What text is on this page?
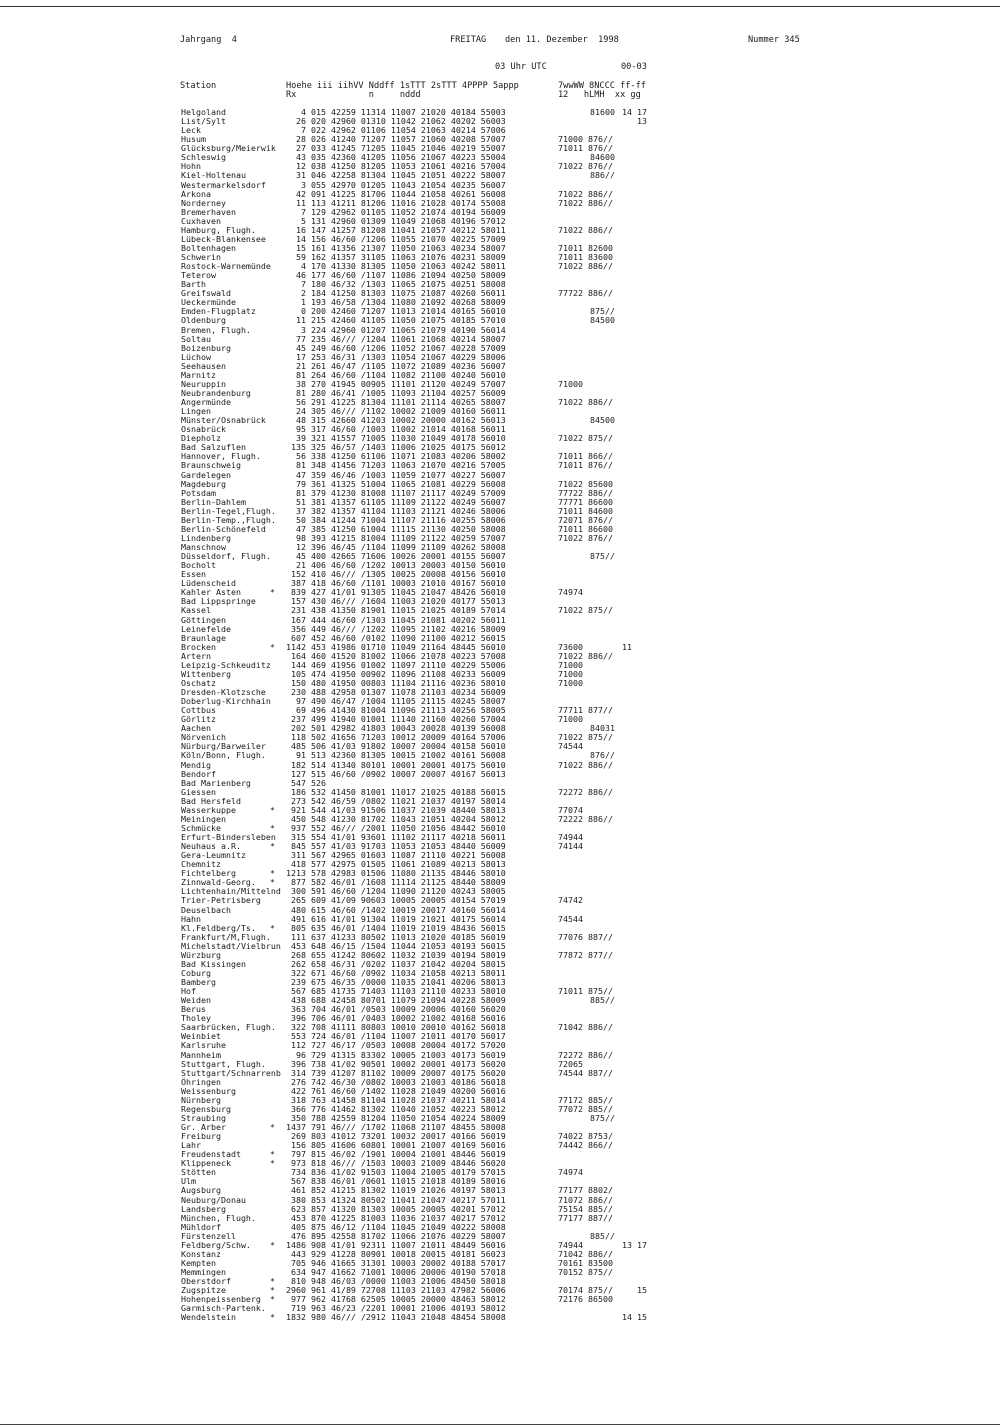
Jahrgang  4	FREITAG den 11. Dezember  1998	Nummer 345
03 Uhr UTC	00-03
Station	Hoehe iii iihVV Nddff 1sTTT 2sTTT 4PPPP 5appp
Rx              n     nddd
7wwWW 8NCCC ff-ff
12   hLMH  xx gg
Helgoland	4 015 42259 11314 11007 21020 40184 55003	81600 14 17
List/Sylt	26 020 42960 01310 11042 21062 40202 56003	13
Leck	7 022 42962 01106 11054 21063 40214 57006
Husum	28 026 41240 71207 11057 21060 40208 57007	71000 876//
Glücksburg/Meierwik 27 033 41245 71205 11045 21046 40219 55007	71011 876//
Schleswig	43 035 42360 41205 11056 21067 40223 55004	84600
Hohn	12 038 41250 81205 11053 21061 40216 57004	71022 876//
Kiel-Holtenau	31 046 42258 81304 11045 21051 40222 58007	886//
Westermarkelsdorf 3 055 42970 01205 11043 21054 40235 56007
Arkona	42 091 41225 81706 11044 21058 40261 56008	71022 886//
Norderney	11 113 41211 81206 11016 21028 40174 55008	71022 886//
Bremerhaven	7 129 42962 01105 11052 21074 40194 56009
Cuxhaven	5 131 42960 01309 11049 21068 40196 57012
Hamburg, Flugh.	16 147 41257 81208 11041 21057 40212 58011	71022 886//
Lübeck-Blankensee 14 156 46/60 /1206 11055 21070 40225 57009
Boltenhagen	15 161 41356 21307 11050 21063 40234 58007	71011 82600
Schwerin	59 162 41357 31105 11063 21076 40231 58009	71011 83600
Rostock-Warnemünde 4 170 41330 81305 11050 21063 40242 58011	71022 886//
Teterow	46 177 46/60 /1107 11086 21094 40250 58009
Barth	7 180 46/32 /1303 11065 21075 40251 58008
Greifswald	2 184 41250 81303 11075 21087 40260 56011	77722 886//
Ueckermünde	1 193 46/58 /1304 11080 21092 40268 58009
Emden-Flugplatz	0 200 42460 71207 11013 21014 40165 56010	875//
Oldenburg	11 215 42460 41105 11050 21075 40185 57010	84500
Bremen, Flugh.	3 224 42960 01207 11065 21079 40190 56014
Soltau	77 235 46/// /1204 11061 21068 40214 58007
Boizenburg	45 249 46/60 /1206 11052 21067 40228 57009
Lüchow	17 253 46/31 /1303 11054 21067 40229 58006
Seehausen	21 261 46/47 /1105 11072 21089 40236 56007
Marnitz	81 264 46/60 /1104 11082 21100 40240 56010
Neuruppin	38 270 41945 00905 11101 21120 40249 57007	71000
Neubrandenburg	81 280 46/41 /1005 11093 21104 40257 56009
Angermünde	56 291 41225 81304 11101 21114 40265 58007	71022 886//
Lingen	24 305 46/// /1102 10002 21009 40160 56011
Münster/Osnabrück 48 315 42660 41203 10002 20000 40162 56013	84500
Osnabrück	95 317 46/60 /1003 11002 21014 40168 56011
Diepholz	39 321 41557 71005 11030 21049 40178 56010	71022 875//
Bad Salzuflen	135 325 46/57 /1403 11006 21025 40175 56012
Hannover, Flugh.	56 338 41250 61106 11071 21083 40206 58002	71011 866//
Braunschweig	81 348 41456 71203 11063 21070 40216 57005	71011 876//
Gardelegen	47 359 46/46 /1003 11059 21077 40227 56007
Magdeburg	79 361 41325 51004 11065 21081 40229 56008	71022 85600
Potsdam	81 379 41230 81008 11107 21117 40249 57009	77722 886//
Berlin-Dahlem	51 381 41357 61105 11109 21122 40249 56007	77771 86600
Berlin-Tegel,Flugh. 37 382 41357 41104 11103 21121 40246 58006	71011 84600
Berlin-Temp.,Flugh. 50 384 41244 71004 11107 21116 40255 58006	72071 876//
Berlin-Schönefeld 47 385 41250 61004 11115 21130 40250 58008	71011 86600
Lindenberg	98 393 41215 81004 11109 21122 40259 57007	71022 876//
Manschnow	12 396 46/45 /1104 11099 21109 40262 58008
Düsseldorf, Flugh. 45 400 42665 71606 10026 20001 40155 56007	875//
Bocholt	21 406 46/60 /1202 10013 20003 40150 56010
Essen	152 410 46/// /1305 10025 20008 40156 56010
Lüdenscheid	387 418 46/60 /1101 10003 21010 40167 56010
Kahler Asten	* 839 427 41/01 91305 11045 21047 48426 56010	74974
Bad Lippspringe	157 430 46/// /1604 11003 21020 40177 55013
Kassel	231 438 41350 81901 11015 21025 40189 57014	71022 875//
Göttingen	167 444 46/60 /1303 11045 21081 40202 56011
Leinefelde	356 449 46/// /1202 11095 21102 40216 58009
Braunlage	607 452 46/60 /0102 11090 21100 40212 56015
Brocken	* 1142 453 41986 01710 11049 21164 48445 56010	73600	11
Artern	164 460 41520 81002 11066 21078 40223 57008	71022 886//
Leipzig-Schkeuditz 144 469 41956 01002 11097 21110 40229 55006	71000
Wittenberg	105 474 41950 00902 11096 21108 40233 56009	71000
Oschatz	150 480 41950 00803 11104 21116 40236 58010	71000
Dresden-Klotzsche 230 488 42958 01307 11078 21103 40234 56009
Doberlug-Kirchhain 97 490 46/47 /1004 11105 21115 40245 58007
Cottbus	69 496 41430 81004 11096 21113 40256 58005	77711 877//
Görlitz	237 499 41940 01001 11140 21160 40260 57004	71000
Aachen	202 501 42982 41803 10043 20028 40139 56008	84031
Nörvenich	118 502 41656 71203 10012 20009 40164 57006	71022 875//
Nürburg/Barweiler 485 506 41/03 91802 10007 20004 40158 56010	74544
Köln/Bonn, Flugh. 91 513 42360 81305 10015 21002 40161 56008	876//
Mendig	182 514 41340 80101 10001 20001 40175 56010	71022 886//
Bendorf	127 515 46/60 /0902 10007 20007 40167 56013
Bad Marienberg	547 526
Giessen	186 532 41450 81001 11017 21025 40188 56015	72272 886//
Bad Hersfeld	273 542 46/59 /0802 11021 21037 40197 58014
Wasserkuppe	* 921 544 41/03 91506 11037 21039 48440 58013	77074
Meiningen	450 548 41230 81702 11043 21051 40204 58012	72222 886//
Schmücke	* 937 552 46/// /2001 11050 21056 48442 56010
Erfurt-Bindersleben 315 554 41/01 93601 11102 21117 40218 56011	74944
Neuhaus a.R.	* 845 557 41/03 91703 11053 21053 48440 56009	74144
Gera-Leumnitz	311 567 42965 01603 11087 21110 40221 56008
Chemnitz	418 577 42975 01505 11061 21089 40213 58013
Fichtelberg	* 1213 578 42983 01506 11080 21135 48446 58010
Zinnwald-Georg. * 877 582 46/01 /1608 11114 21125 48440 58009
Lichtenhain/Mittelnd 300 591 46/60 /1204 11090 21120 40243 58005
Trier-Petrisberg	265 609 41/09 90603 10005 20005 40154 57019	74742
Deuselbach	480 615 46/60 /1402 10019 20017 40160 56014
Hahn	491 616 41/01 91304 11019 21021 40175 56014	74544
Kl.Feldberg/Ts. * 805 635 46/01 /1404 11019 21019 48436 56015
Frankfurt/M,Flugh. 111 637 41233 80502 11013 21020 40185 56019	77076 887//
Michelstadt/Vielbrun 453 648 46/15 /1504 11044 21053 40193 56015
Würzburg	268 655 41242 80602 11032 21039 40194 58019	77872 877//
Bad Kissingen	262 658 46/31 /0202 11037 21042 40204 58015
Coburg	322 671 46/60 /0902 11034 21058 40213 58011
Bamberg	239 675 46/35 /0000 11035 21041 40206 58013
Hof	567 685 41735 71403 11103 21110 40233 58010	71011 875//
Weiden	438 688 42458 80701 11079 21094 40228 58009	885//
Berus	363 704 46/01 /0503 10009 20006 40160 56020
Tholey	396 706 46/01 /0403 10002 21002 40168 56016
Saarbrücken, Flugh. 322 708 41111 80803 10010 20010 40162 56018	71042 886//
Weinbiet	553 724 46/01 /1104 11007 21011 40170 56017
Karlsruhe	112 727 46/17 /0503 10008 20004 40172 57020
Mannheim	96 729 41315 83302 10005 21003 40173 56019	72272 886//
Stuttgart, Flugh. 396 738 41/02 90501 10002 20001 40173 56020	72065
Stuttgart/Schnarrenb 314 739 41207 81102 10009 20007 40175 56020	74544 887//
Öhringen	276 742 46/30 /0802 10003 21003 40186 56018
Weissenburg	422 761 46/60 /1402 11028 21049 40200 56016
Nürnberg	318 763 41458 81104 11028 21037 40211 58014	77172 885//
Regensburg	366 776 41462 81302 11040 21052 40223 58012	77072 885//
Straubing	350 788 42559 81204 11050 21054 40224 58009	875//
Gr. Arber	* 1437 791 46/// /1702 11068 21107 48455 58008
Freiburg	269 803 41012 73201 10032 20017 40166 56019	74022 8753/
Lahr	156 805 41606 60801 10001 21007 40169 56016	74442 866//
Freudenstadt	* 797 815 46/02 /1901 10004 21001 48446 56019
Klippeneck	* 973 818 46/// /1503 10003 21009 48446 56020
Stötten	734 836 41/02 91503 11004 21005 40179 57015	74974
Ulm	567 838 46/01 /0601 11015 21018 40189 58016
Augsburg	461 852 41215 81302 11019 21026 40197 58013	77177 8802/
Neuburg/Donau	380 853 41324 80502 11041 21047 40217 57011	71072 886//
Landsberg	623 857 41320 81303 10005 20005 40201 57012	75154 885//
München, Flugh.	453 870 41225 81003 11036 21037 40217 57012	77177 887//
Mühldorf	405 875 46/12 /1104 11045 21049 40222 58008
Fürstenzell	476 895 42558 81702 11066 21076 40229 58007	885//
Feldberg/Schw. * 1486 908 41/01 92311 11007 21011 48449 56016	74944	13 17
Konstanz	443 929 41228 80901 10018 20015 40181 56023	71042 886//
Kempten	705 946 41665 31301 10003 20002 40188 57017	70161 83500
Memmingen	634 947 41662 71001 10006 20006 40190 57018	70152 875//
Oberstdorf	* 810 948 46/03 /0000 11003 21006 48450 58018
Zugspitze	* 2960 961 41/89 72708 11103 21103 47982 56006	70174 875// 15
Hohenpeissenberg * 977 962 41768 62505 10005 20000 48463 58012	72176 86500
Garmisch-Partenk. 719 963 46/23 /2201 10001 21006 40193 58012
Wendelstein	* 1832 980 46/// /2912 11043 21048 48454 58008	14 15
